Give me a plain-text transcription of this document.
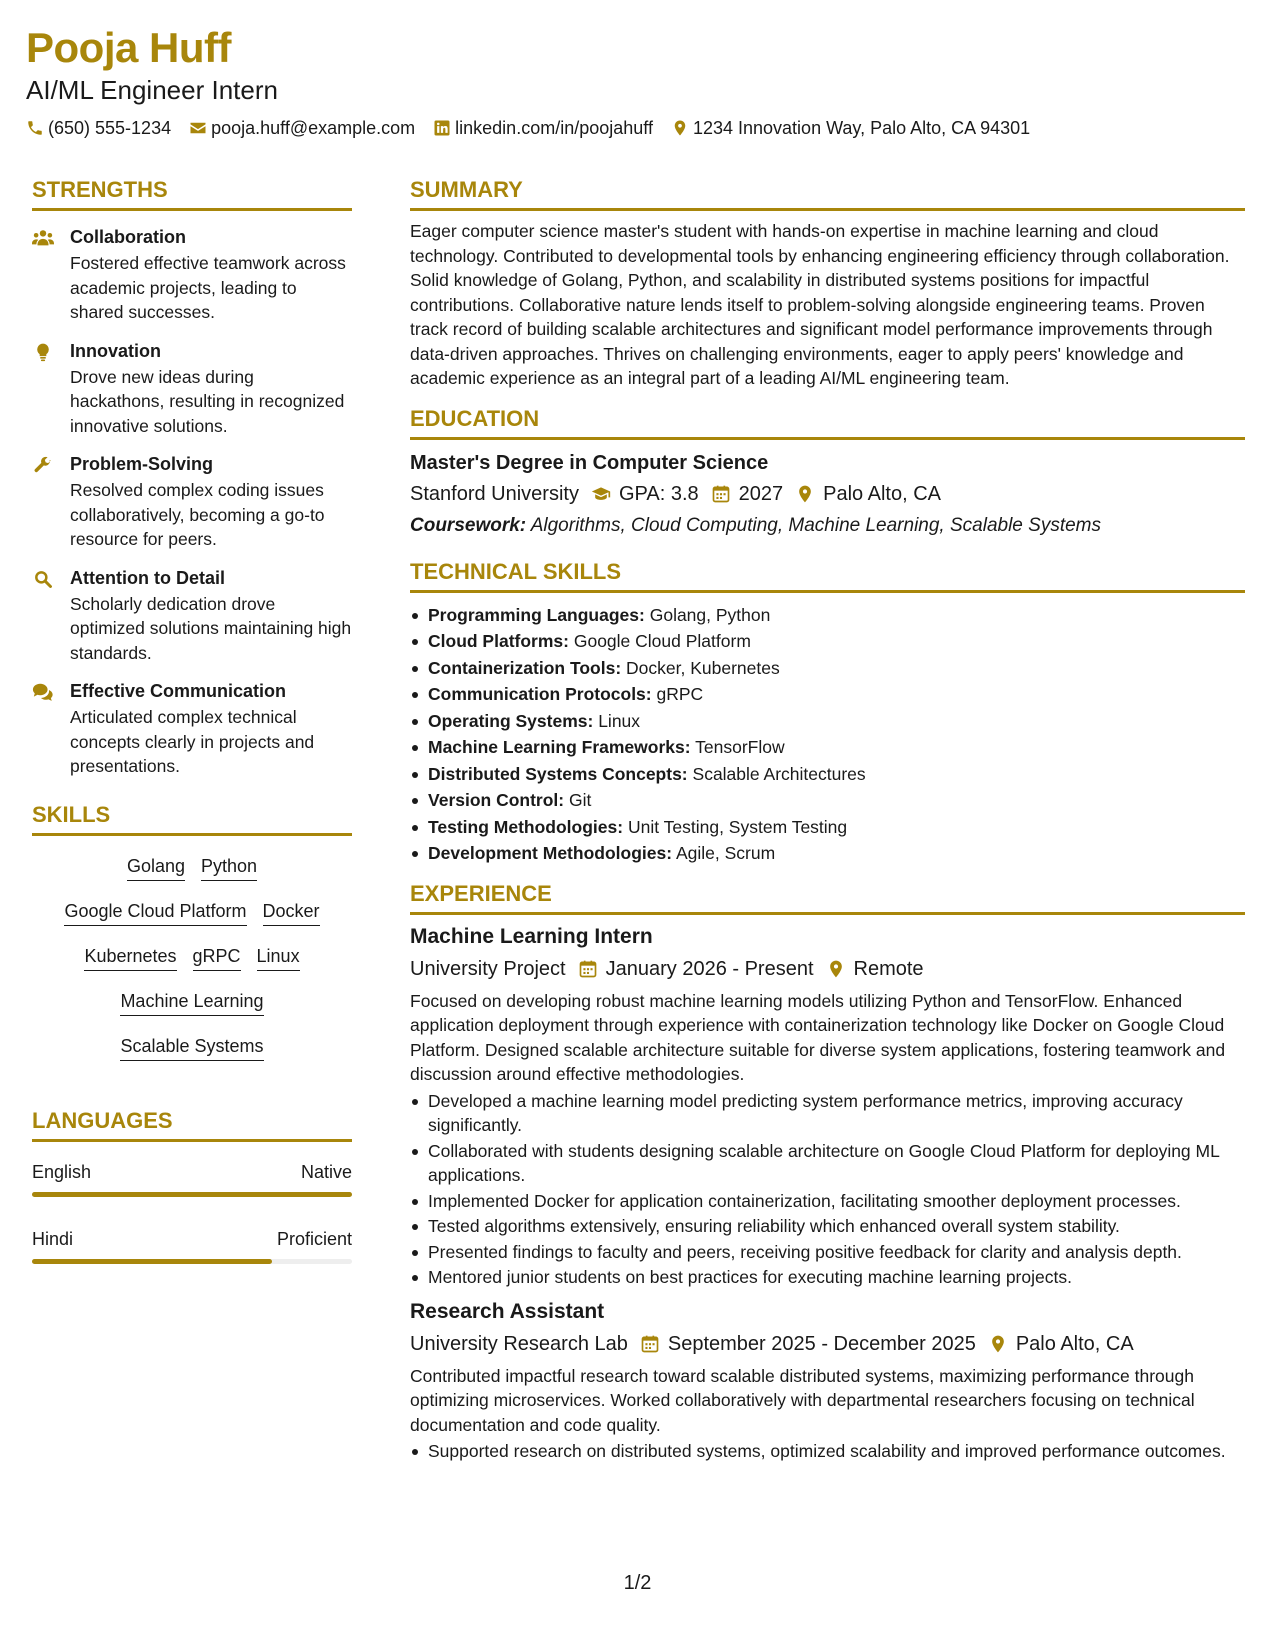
Pooja Huff
AI/ML Engineer Intern
(650) 555-1234 pooja.huff@example.com linkedin.com/in/poojahuff 1234 Innovation Way, Palo Alto, CA 94301
STRENGTHS
Collaboration
Fostered effective teamwork across academic projects, leading to shared successes.
Innovation
Drove new ideas during hackathons, resulting in recognized innovative solutions.
Problem-Solving
Resolved complex coding issues collaboratively, becoming a go-to resource for peers.
Attention to Detail
Scholarly dedication drove optimized solutions maintaining high standards.
Effective Communication
Articulated complex technical concepts clearly in projects and presentations.
SKILLS
Golang Python
Google Cloud Platform Docker
Kubernetes gRPC Linux
Machine Learning
Scalable Systems
LANGUAGES
English	Native
Hindi	Proficient
SUMMARY
Eager computer science master's student with hands-on expertise in machine learning and cloud technology. Contributed to developmental tools by enhancing engineering efficiency through collaboration. Solid knowledge of Golang, Python, and scalability in distributed systems positions for impactful contributions. Collaborative nature lends itself to problem-solving alongside engineering teams. Proven track record of building scalable architectures and significant model performance improvements through data-driven approaches. Thrives on challenging environments, eager to apply peers' knowledge and academic experience as an integral part of a leading AI/ML engineering team.
EDUCATION
Master's Degree in Computer Science
Stanford University GPA: 3.8 2027 Palo Alto, CA
Coursework: Algorithms, Cloud Computing, Machine Learning, Scalable Systems
TECHNICAL SKILLS
Programming Languages: Golang, Python
Cloud Platforms: Google Cloud Platform
Containerization Tools: Docker, Kubernetes
Communication Protocols: gRPC
Operating Systems: Linux
Machine Learning Frameworks: TensorFlow
Distributed Systems Concepts: Scalable Architectures
Version Control: Git
Testing Methodologies: Unit Testing, System Testing
Development Methodologies: Agile, Scrum
EXPERIENCE
Machine Learning Intern
University Project January 2026 - Present Remote
Focused on developing robust machine learning models utilizing Python and TensorFlow. Enhanced application deployment through experience with containerization technology like Docker on Google Cloud Platform. Designed scalable architecture suitable for diverse system applications, fostering teamwork and discussion around effective methodologies.
Developed a machine learning model predicting system performance metrics, improving accuracy significantly.
Collaborated with students designing scalable architecture on Google Cloud Platform for deploying ML applications.
Implemented Docker for application containerization, facilitating smoother deployment processes.
Tested algorithms extensively, ensuring reliability which enhanced overall system stability.
Presented findings to faculty and peers, receiving positive feedback for clarity and analysis depth.
Mentored junior students on best practices for executing machine learning projects.
Research Assistant
University Research Lab September 2025 - December 2025 Palo Alto, CA
Contributed impactful research toward scalable distributed systems, maximizing performance through optimizing microservices. Worked collaboratively with departmental researchers focusing on technical documentation and code quality.
Supported research on distributed systems, optimized scalability and improved performance outcomes.
1/2
